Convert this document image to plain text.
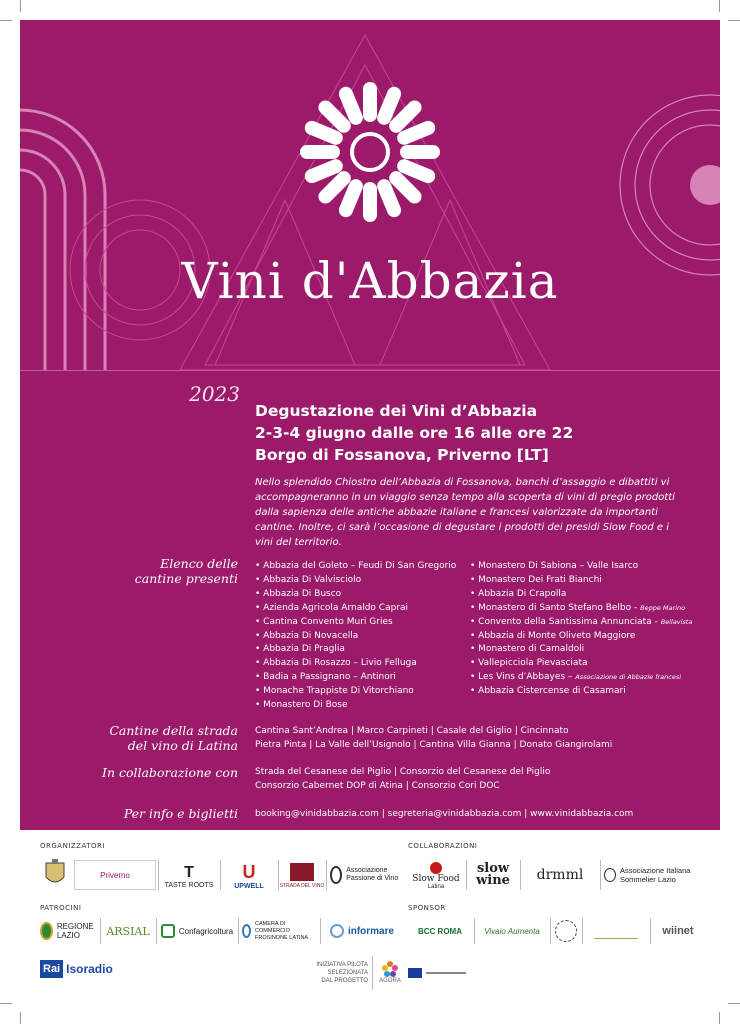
Vini d'Abbazia
2023
Degustazione dei Vini d’Abbazia
2-3-4 giugno dalle ore 16 alle ore 22
Borgo di Fossanova, Priverno [LT]
Nello splendido Chiostro dell’Abbazia di Fossanova, banchi d’assaggio e dibattiti vi accompagneranno in un viaggio senza tempo alla scoperta di vini di pregio prodotti dalla sapienza delle antiche abbazie italiane e francesi valorizzate da importanti cantine. Inoltre, ci sarà l’occasione di degustare i prodotti dei presidi Slow Food e i vini del territorio.
Elenco delle
cantine presenti
• Abbazia del Goleto – Feudi Di San Gregorio
• Abbazia Di Valvisciolo
• Abbazia Di Busco
• Azienda Agricola Arnaldo Caprai
• Cantina Convento Muri Gries
• Abbazia Di Novacella
• Abbazia Di Praglia
• Abbazia Di Rosazzo – Livio Felluga
• Badia a Passignano – Antinori
• Monache Trappiste Di Vitorchiano
• Monastero Di Bose
• Monastero Di Sabiona – Valle Isarco
• Monastero Dei Frati Bianchi
• Abbazia Di Crapolla
• Monastero di Santo Stefano Belbo - Beppe Marino
• Convento della Santissima Annunciata - Bellavista
• Abbazia di Monte Oliveto Maggiore
• Monastero di Camaldoli
• Vallepicciola Pievasciata
• Les Vins d’Abbayes – Associazione di Abbazie francesi
• Abbazia Cistercense di Casamari
Cantine della strada
del vino di Latina
Cantina Sant’Andrea | Marco Carpineti | Casale del Giglio | Cincinnato
Pietra Pinta | La Valle dell’Usignolo | Cantina Villa Gianna | Donato Giangirolami
In collaborazione con Strada del Cesanese del Piglio | Consorzio del Cesanese del Piglio
Consorzio Cabernet DOP di Atina | Consorzio Cori DOC
Per info e biglietti booking@vinidabbazia.com | segreteria@vinidabbazia.com | www.vinidabbazia.com
ORGANIZZATORI	COLLABORAZIONI
Priverno	T
TASTE ROOTS
U
UPWELL	STRADA DEL VINO
Associazione Passione di Vino	Slow Food
Latina
slow wine	drmml	Associazione Italiana Sommelier Lazio
PATROCINI	SPONSOR
REGIONE LAZIO	ARSIAL	Confagricoltura
CAMERA DI COMMERCIO FROSINONE LATINA
informare	BCC ROMA	Vivaio Aumenta	wiinet
Rai Isoradio	INIZIATIVA PILOTA
SELEZIONATA
DAL PROGETTO AGORA
